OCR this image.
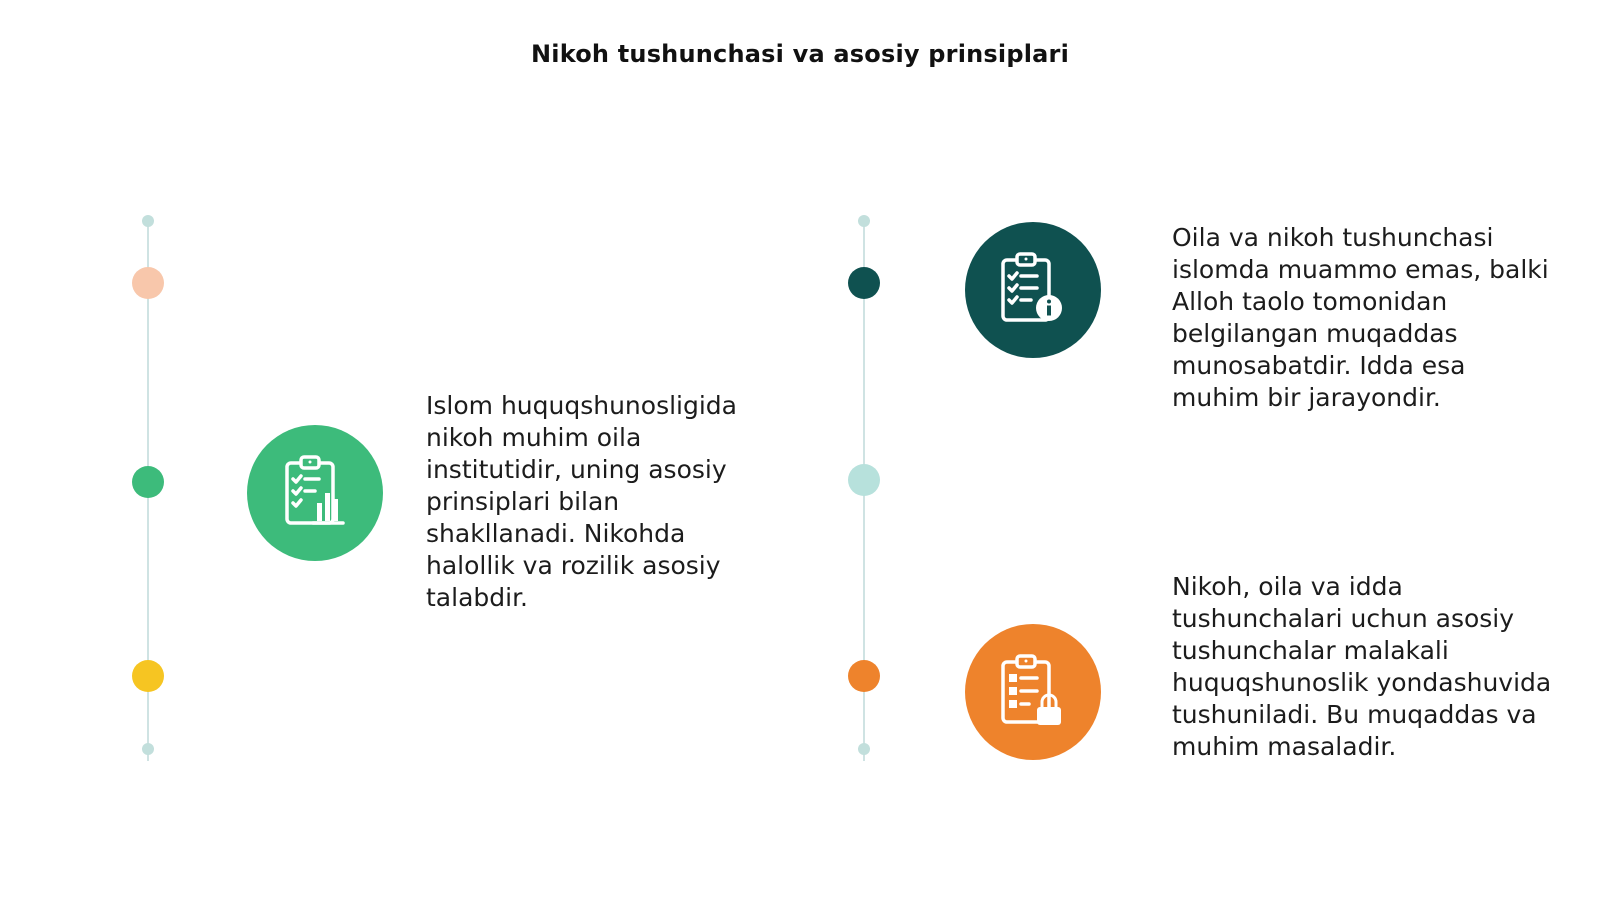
Nikoh tushunchasi va asosiy prinsiplari
Islom huquqshunosligida nikoh muhim oila institutidir, uning asosiy prinsiplari bilan shakllanadi. Nikohda halollik va rozilik asosiy talabdir.
Oila va nikoh tushunchasi islomda muammo emas, balki Alloh taolo tomonidan belgilangan muqaddas munosabatdir. Idda esa muhim bir jarayondir.
Nikoh, oila va idda tushunchalari uchun asosiy tushunchalar malakali huquqshunoslik yondashuvida tushuniladi. Bu muqaddas va muhim masaladir.
